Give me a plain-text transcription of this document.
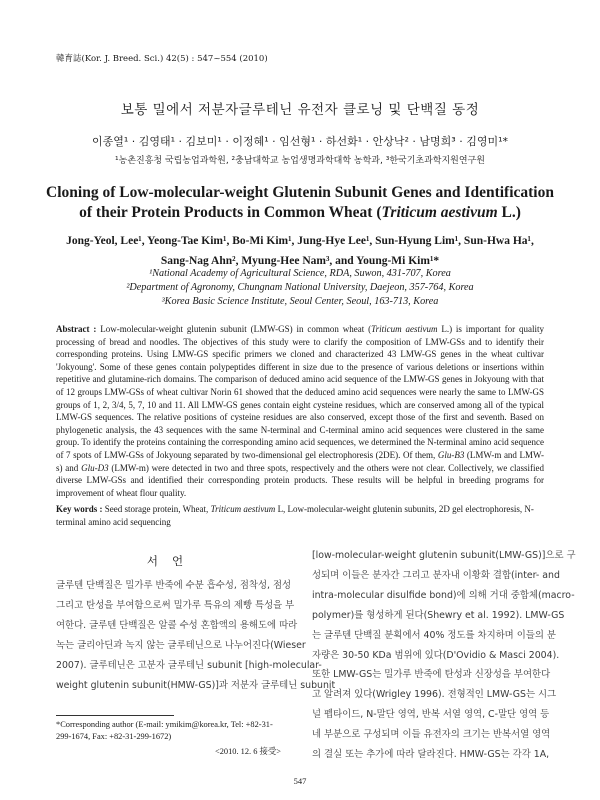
韓育誌(Kor. J. Breed. Sci.) 42(5) : 547~554 (2010)
보통 밀에서 저분자글루테닌 유전자 클로닝 및 단백질 동정
이종열¹ · 김영태¹ · 김보미¹ · 이정혜¹ · 임선형¹ · 하선화¹ · 안상낙² · 남명희³ · 김영미¹*
¹농촌진흥청 국립농업과학원, ²충남대학교 농업생명과학대학 농학과, ³한국기초과학지원연구원
Cloning of Low-molecular-weight Glutenin Subunit Genes and Identification of their Protein Products in Common Wheat (Triticum aestivum L.)
Jong-Yeol, Lee¹, Yeong-Tae Kim¹, Bo-Mi Kim¹, Jung-Hye Lee¹, Sun-Hyung Lim¹, Sun-Hwa Ha¹,
Sang-Nag Ahn², Myung-Hee Nam³, and Young-Mi Kim¹*
¹National Academy of Agricultural Science, RDA, Suwon, 431-707, Korea
²Department of Agronomy, Chungnam National University, Daejeon, 357-764, Korea
³Korea Basic Science Institute, Seoul Center, Seoul, 163-713, Korea
Abstract : Low-molecular-weight glutenin subunit (LMW-GS) in common wheat (Triticum aestivum L.) is important for quality processing of bread and noodles. The objectives of this study were to clarify the composition of LMW-GSs and to identify their corresponding proteins. Using LMW-GS specific primers we cloned and characterized 43 LMW-GS genes in the wheat cultivar 'Jokyoung'. Some of these genes contain polypeptides different in size due to the presence of various deletions or insertions within repetitive and glutamine-rich domains. The comparison of deduced amino acid sequence of the LMW-GS genes in Jokyoung with that of 12 groups LMW-GSs of wheat cultivar Norin 61 showed that the deduced amino acid sequences were nearly the same to LMW-GS groups of 1, 2, 3/4, 5, 7, 10 and 11. All LMW-GS genes contain eight cysteine residues, which are conserved among all of the typical LMW-GS sequences. The relative positions of cysteine residues are also conserved, except those of the first and seventh. Based on phylogenetic analysis, the 43 sequences with the same N-terminal and C-terminal amino acid sequences were clustered in the same group. To identify the proteins containing the corresponding amino acid sequences, we determined the N-terminal amino acid sequence of 7 spots of LMW-GSs of Jokyoung separated by two-dimensional gel electrophoresis (2DE). Of them, Glu-B3 (LMW-m and LMW-s) and Glu-D3 (LMW-m) were detected in two and three spots, respectively and the others were not clear. Collectively, we classified diverse LMW-GSs and identified their corresponding protein products. These results will be helpful in breeding programs for improvement of wheat flour quality.
Key words : Seed storage protein, Wheat, Triticum aestivum L, Low-molecular-weight glutenin subunits, 2D gel electrophoresis, N-terminal amino acid sequencing
서언
글루텐 단백질은 밀가루 반죽에 수분 흡수성, 점착성, 점성
그리고 탄성을 부여함으로써 밀가루 특유의 제빵 특성을 부
여한다. 글루텐 단백질은 알콜 수성 혼합액의 용해도에 따라
녹는 글리아딘과 녹지 않는 글루테닌으로 나누어진다(Wieser
2007). 글루테닌은 고분자 글루테닌 subunit [high-molecular-
weight glutenin subunit(HMW-GS)]과 저분자 글루테닌 subunit
[low-molecular-weight glutenin subunit(LMW-GS)]으로 구
성되며 이들은 분자간 그리고 분자내 이황화 결합(inter- and
intra-molecular disulfide bond)에 의해 거대 중합체(macro-
polymer)를 형성하게 된다(Shewry et al. 1992). LMW-GS
는 글루텐 단백질 분획에서 40% 정도를 차지하며 이들의 분
자량은 30-50 KDa 범위에 있다(D'Ovidio & Masci 2004).
또한 LMW-GS는 밀가루 반죽에 탄성과 신장성을 부여한다
고 알려져 있다(Wrigley 1996). 전형적인 LMW-GS는 시그
널 펩타이드, N-말단 영역, 반복 서열 영역, C-말단 영역 등
네 부분으로 구성되며 이들 유전자의 크기는 반복서열 영역
의 결실 또는 추가에 따라 달라진다. HMW-GS는 각각 1A,
*Corresponding author (E-mail: ymikim@korea.kr, Tel: +82-31-
299-1674, Fax: +82-31-299-1672)
<2010. 12. 6 接受>
547
